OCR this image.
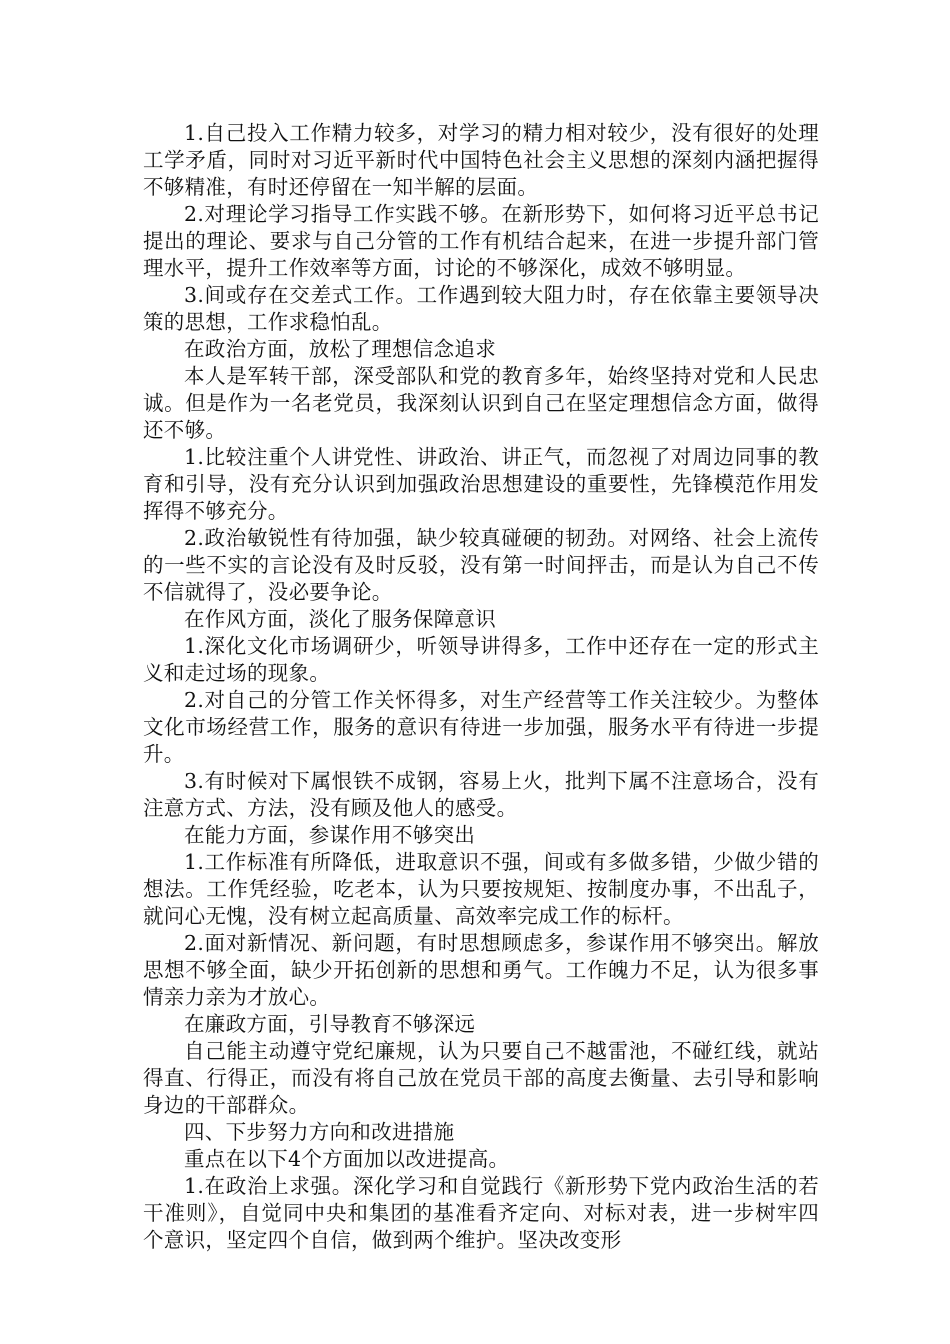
1.自己投入工作精力较多，对学习的精力相对较少，没有很好的处理工学矛盾，同时对习近平新时代中国特色社会主义思想的深刻内涵把握得不够精准，有时还停留在一知半解的层面。

2.对理论学习指导工作实践不够。在新形势下，如何将习近平总书记提出的理论、要求与自己分管的工作有机结合起来，在进一步提升部门管理水平，提升工作效率等方面，讨论的不够深化，成效不够明显。

3.间或存在交差式工作。工作遇到较大阻力时，存在依靠主要领导决策的思想，工作求稳怕乱。

在政治方面，放松了理想信念追求

本人是军转干部，深受部队和党的教育多年，始终坚持对党和人民忠诚。但是作为一名老党员，我深刻认识到自己在坚定理想信念方面，做得还不够。

1.比较注重个人讲党性、讲政治、讲正气，而忽视了对周边同事的教育和引导，没有充分认识到加强政治思想建设的重要性，先锋模范作用发挥得不够充分。

2.政治敏锐性有待加强，缺少较真碰硬的韧劲。对网络、社会上流传的一些不实的言论没有及时反驳，没有第一时间抨击，而是认为自己不传不信就得了，没必要争论。

在作风方面，淡化了服务保障意识

1.深化文化市场调研少，听领导讲得多，工作中还存在一定的形式主义和走过场的现象。

2.对自己的分管工作关怀得多，对生产经营等工作关注较少。为整体文化市场经营工作，服务的意识有待进一步加强，服务水平有待进一步提升。

3.有时候对下属恨铁不成钢，容易上火，批判下属不注意场合，没有注意方式、方法，没有顾及他人的感受。

在能力方面，参谋作用不够突出

1.工作标准有所降低，进取意识不强，间或有多做多错，少做少错的想法。工作凭经验，吃老本，认为只要按规矩、按制度办事，不出乱子，就问心无愧，没有树立起高质量、高效率完成工作的标杆。

2.面对新情况、新问题，有时思想顾虑多，参谋作用不够突出。解放思想不够全面，缺少开拓创新的思想和勇气。工作魄力不足，认为很多事情亲力亲为才放心。

在廉政方面，引导教育不够深远

自己能主动遵守党纪廉规，认为只要自己不越雷池，不碰红线，就站得直、行得正，而没有将自己放在党员干部的高度去衡量、去引导和影响身边的干部群众。

四、下步努力方向和改进措施

重点在以下4个方面加以改进提高。

1.在政治上求强。深化学习和自觉践行《新形势下党内政治生活的若干准则》，自觉同中央和集团的基准看齐定向、对标对表，进一步树牢四个意识，坚定四个自信，做到两个维护。坚决改变形
